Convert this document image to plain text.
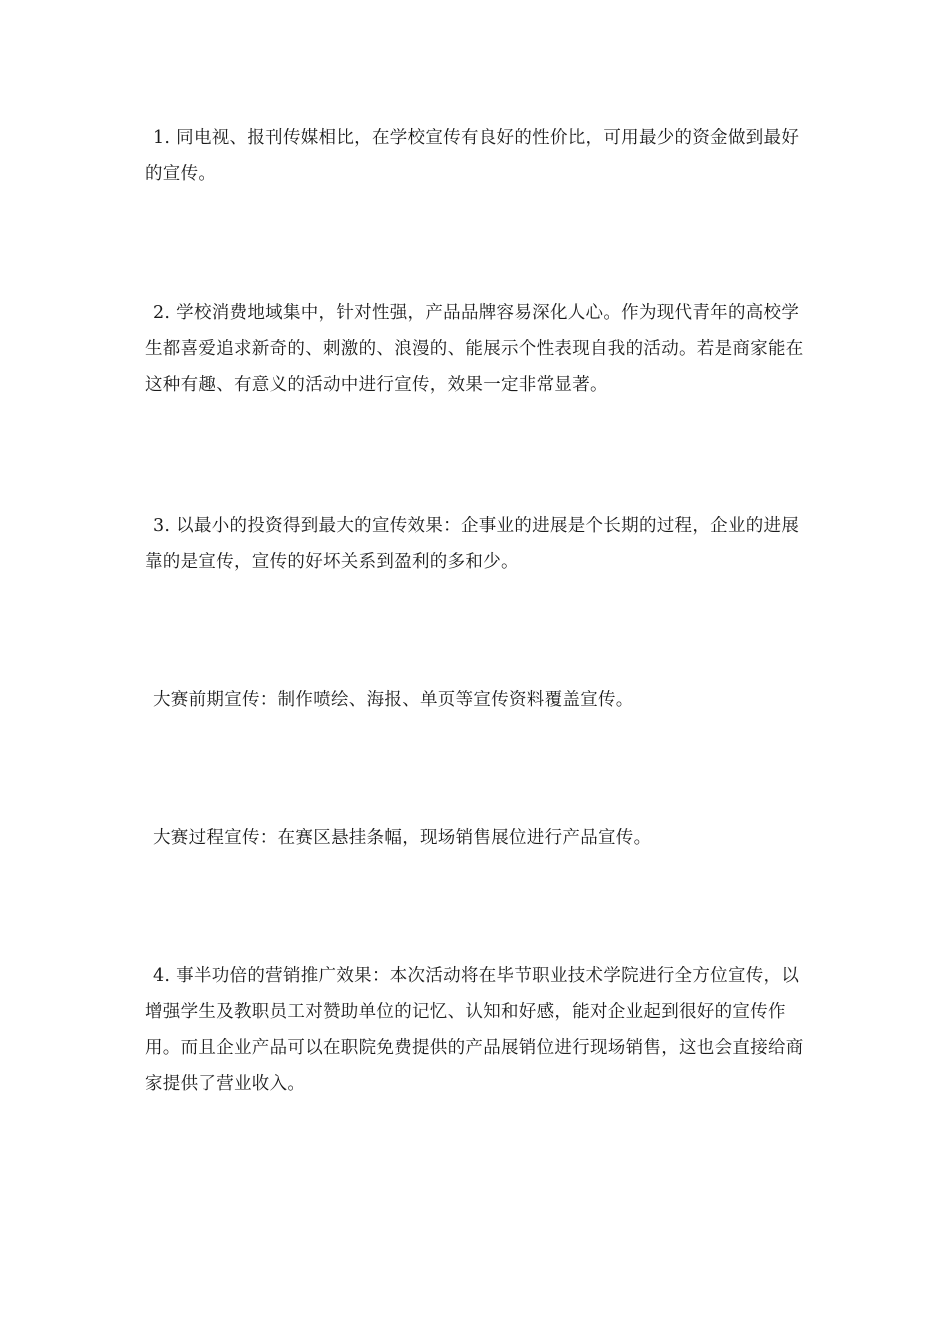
1. 同电视、报刊传媒相比，在学校宣传有良好的性价比，可用最少的资金做到最好的宣传。

2. 学校消费地域集中，针对性强，产品品牌容易深化人心。作为现代青年的高校学生都喜爱追求新奇的、刺激的、浪漫的、能展示个性表现自我的活动。若是商家能在这种有趣、有意义的活动中进行宣传，效果一定非常显著。

3. 以最小的投资得到最大的宣传效果：企事业的进展是个长期的过程，企业的进展靠的是宣传，宣传的好坏关系到盈利的多和少。

大赛前期宣传：制作喷绘、海报、单页等宣传资料覆盖宣传。

大赛过程宣传：在赛区悬挂条幅，现场销售展位进行产品宣传。

4. 事半功倍的营销推广效果：本次活动将在毕节职业技术学院进行全方位宣传，以增强学生及教职员工对赞助单位的记忆、认知和好感，能对企业起到很好的宣传作用。而且企业产品可以在职院免费提供的产品展销位进行现场销售，这也会直接给商家提供了营业收入。
